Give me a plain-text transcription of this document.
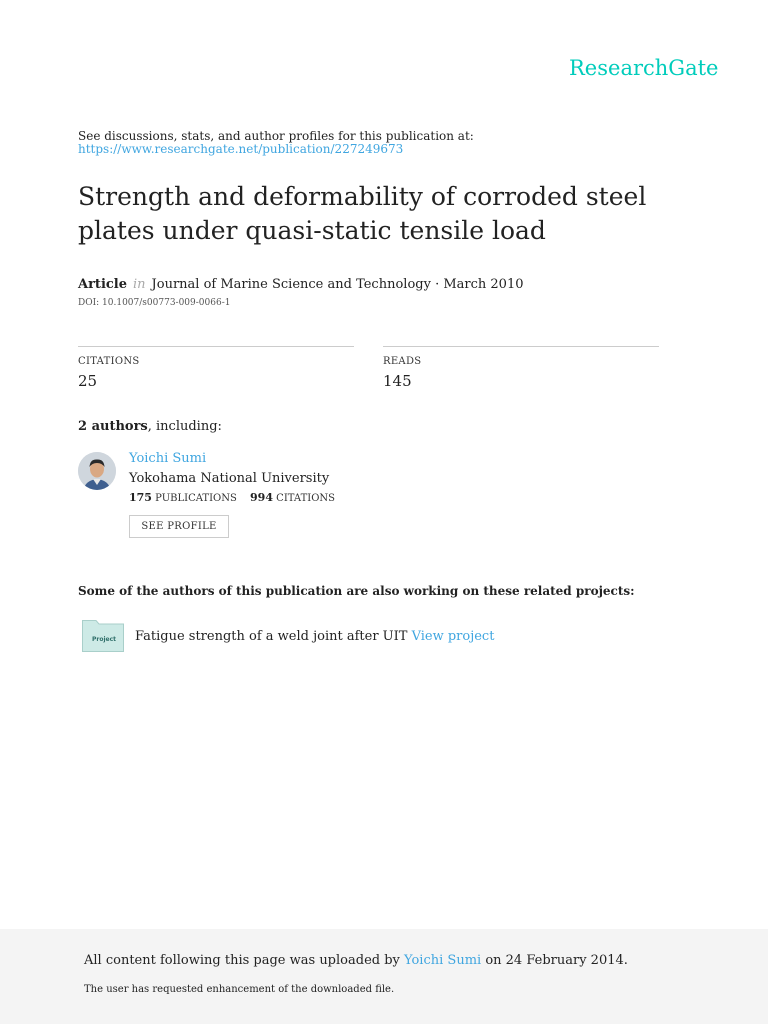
ResearchGate
See discussions, stats, and author profiles for this publication at:
https://www.researchgate.net/publication/227249673
Strength and deformability of corroded steel plates under quasi-static tensile load
Article in Journal of Marine Science and Technology · March 2010
DOI: 10.1007/s00773-009-0066-1
CITATIONS
25
READS
145
2 authors, including:
Yoichi Sumi
Yokohama National University
175 PUBLICATIONS 994 CITATIONS
SEE PROFILE
Some of the authors of this publication are also working on these related projects:
Project Fatigue strength of a weld joint after UIT View project
All content following this page was uploaded by Yoichi Sumi on 24 February 2014.
The user has requested enhancement of the downloaded file.
